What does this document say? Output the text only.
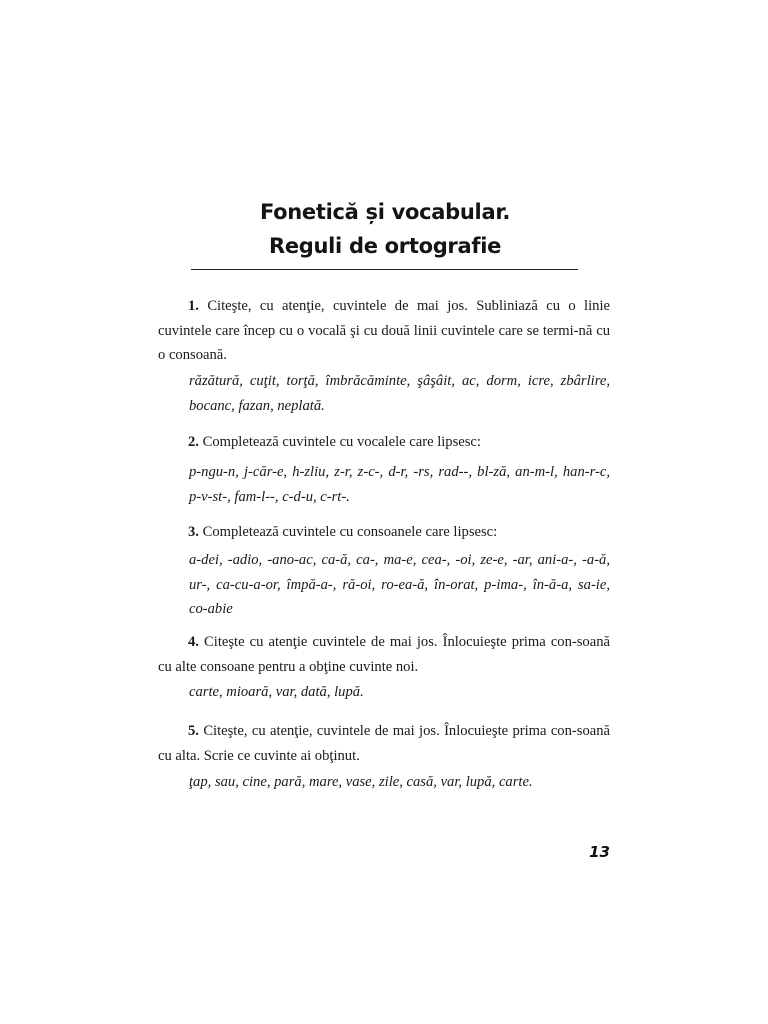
Fonetică și vocabular.
Reguli de ortografie
1. Citeşte, cu atenţie, cuvintele de mai jos. Subliniază cu o linie cuvintele care încep cu o vocală şi cu două linii cuvintele care se termi-nă cu o consoană.
răzătură, cuţit, torţă, îmbrăcăminte, şâşâit, ac, dorm, icre, zbârlire, bocanc, fazan, neplată.
2. Completează cuvintele cu vocalele care lipsesc:
p-ngu-n, j-căr-e, h-zliu, z-r, z-c-, d-r, -rs, rad--, bl-ză, an-m-l, han-r-c, p-v-st-, fam-l--, c-d-u, c-rt-.
3. Completează cuvintele cu consoanele care lipsesc:
a-dei, -adio, -ano-ac, ca-ă, ca-, ma-e, cea-, -oi, ze-e, -ar, ani-a-, -a-ă, ur-, ca-cu-a-or, împă-a-, ră-oi, ro-ea-ă, în-orat, p-ima-, în-ă-a, sa-ie, co-abie
4. Citeşte cu atenţie cuvintele de mai jos. Înlocuieşte prima con-soană cu alte consoane pentru a obţine cuvinte noi.
carte, mioară, var, dată, lupă.
5. Citeşte, cu atenţie, cuvintele de mai jos. Înlocuieşte prima con-soană cu alta. Scrie ce cuvinte ai obţinut.
ţap, sau, cine, pară, mare, vase, zile, casă, var, lupă, carte.
13
